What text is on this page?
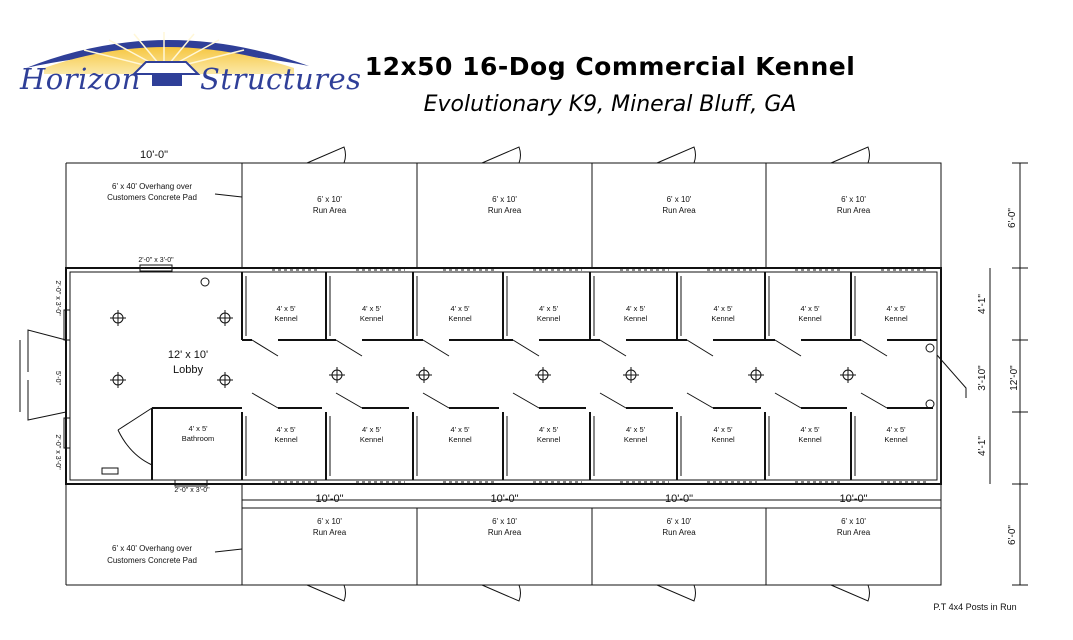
Horizon Structures 12x50 16-Dog Commercial Kennel
Evolutionary K9, Mineral Bluff, GA
6' x 10'
Run Area
6' x 10'
Run Area
6' x 10'
Run Area
6' x 10'
Run Area
6' x 10'
Run Area
6' x 10'
Run Area
6' x 10'
Run Area
6' x 10'
Run Area
4' x 5'
Kennel
4' x 5'
Kennel
4' x 5'
Kennel
4' x 5'
Kennel
4' x 5'
Kennel
4' x 5'
Kennel
4' x 5'
Kennel
4' x 5'
Kennel
4' x 5'
Kennel
4' x 5'
Kennel
4' x 5'
Kennel
4' x 5'
Kennel
4' x 5'
Kennel
4' x 5'
Kennel
4' x 5'
Kennel
4' x 5'
Kennel
4' x 5'
Bathroom
12' x 10'
Lobby
5'-0"
2'-0" x 3'-0"
2'-0" x 3'-0"
2'-0" x 3'-0"
2'-0" x 3'-0"
10'-0"
10'-0"	10'-0"	10'-0"	10'-0"
6'-0"
6'-0"
12'-0"
4'-1"
3'-10"
4'-1"
6' x 40' Overhang over
Customers Concrete Pad
6' x 40' Overhang over
Customers Concrete Pad
P.T 4x4 Posts in Run
